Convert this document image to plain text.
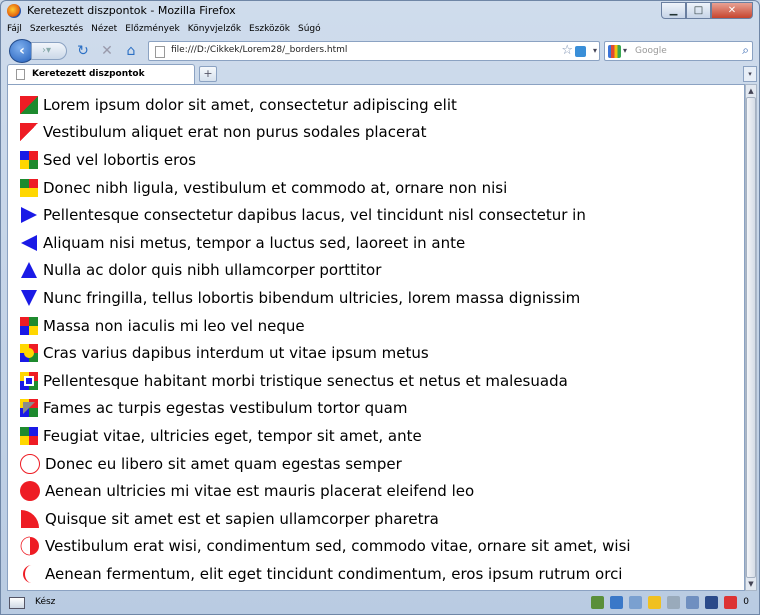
Keretezett diszpontok - Mozilla Firefox	▁	□	✕
Fájl Szerkesztés Nézet Előzmények Könyvjelzők Eszközök Súgó
‹	›▾	↻ ✕ ⌂	file:///D:/Cikkek/Lorem28/_borders.html	☆ ▾	▾ Google	⌕
Keretezett diszpontok	+	▾
Lorem ipsum dolor sit amet, consectetur adipiscing elit
Vestibulum aliquet erat non purus sodales placerat
Sed vel lobortis eros
Donec nibh ligula, vestibulum et commodo at, ornare non nisi
Pellentesque consectetur dapibus lacus, vel tincidunt nisl consectetur in
Aliquam nisi metus, tempor a luctus sed, laoreet in ante
Nulla ac dolor quis nibh ullamcorper porttitor
Nunc fringilla, tellus lobortis bibendum ultricies, lorem massa dignissim
Massa non iaculis mi leo vel neque
Cras varius dapibus interdum ut vitae ipsum metus
Pellentesque habitant morbi tristique senectus et netus et malesuada
Fames ac turpis egestas vestibulum tortor quam
Feugiat vitae, ultricies eget, tempor sit amet, ante
Donec eu libero sit amet quam egestas semper
Aenean ultricies mi vitae est mauris placerat eleifend leo
Quisque sit amet est et sapien ullamcorper pharetra
Vestibulum erat wisi, condimentum sed, commodo vitae, ornare sit amet, wisi
Aenean fermentum, elit eget tincidunt condimentum, eros ipsum rutrum orci
▲
▼
Kész	0
